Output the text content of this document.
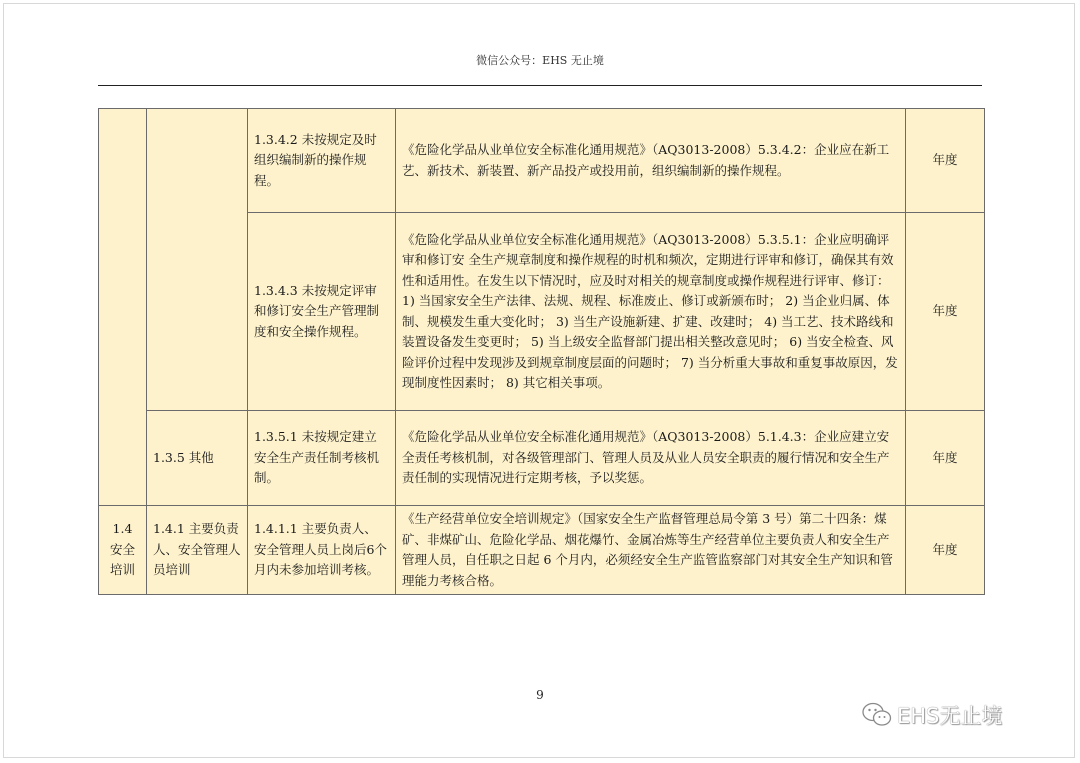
微信公众号：EHS 无止境
		1.3.4.2 未按规定及时组织编制新的操作规程。	《危险化学品从业单位安全标准化通用规范》（AQ3013-2008）5.3.4.2：企业应在新工艺、新技术、新装置、新产品投产或投用前，组织编制新的操作规程。	年度
		1.3.4.3 未按规定评审和修订安全生产管理制度和安全操作规程。	《危险化学品从业单位安全标准化通用规范》（AQ3013-2008）5.3.5.1：企业应明确评审和修订安 全生产规章制度和操作规程的时机和频次，定期进行评审和修订，确保其有效性和适用性。在发生以下情况时，应及时对相关的规章制度或操作规程进行评审、修订： 1) 当国家安全生产法律、法规、规程、标准废止、修订或新颁布时； 2) 当企业归属、体制、规模发生重大变化时； 3) 当生产设施新建、扩建、改建时； 4) 当工艺、技术路线和装置设备发生变更时； 5) 当上级安全监督部门提出相关整改意见时； 6) 当安全检查、风险评价过程中发现涉及到规章制度层面的问题时； 7) 当分析重大事故和重复事故原因，发现制度性因素时； 8) 其它相关事项。	年度
	1.3.5 其他	1.3.5.1 未按规定建立安全生产责任制考核机制。	《危险化学品从业单位安全标准化通用规范》（AQ3013-2008）5.1.4.3：企业应建立安全责任考核机制，对各级管理部门、管理人员及从业人员安全职责的履行情况和安全生产责任制的实现情况进行定期考核，予以奖惩。	年度
1.4 安全培训	1.4.1 主要负责人、安全管理人员培训	1.4.1.1 主要负责人、安全管理人员上岗后6个月内未参加培训考核。	《生产经营单位安全培训规定》（国家安全生产监督管理总局令第 3 号）第二十四条：煤矿、非煤矿山、危险化学品、烟花爆竹、金属冶炼等生产经营单位主要负责人和安全生产管理人员，自任职之日起 6 个月内，必须经安全生产监管监察部门对其安全生产知识和管理能力考核合格。	年度
9
EHS无止境
